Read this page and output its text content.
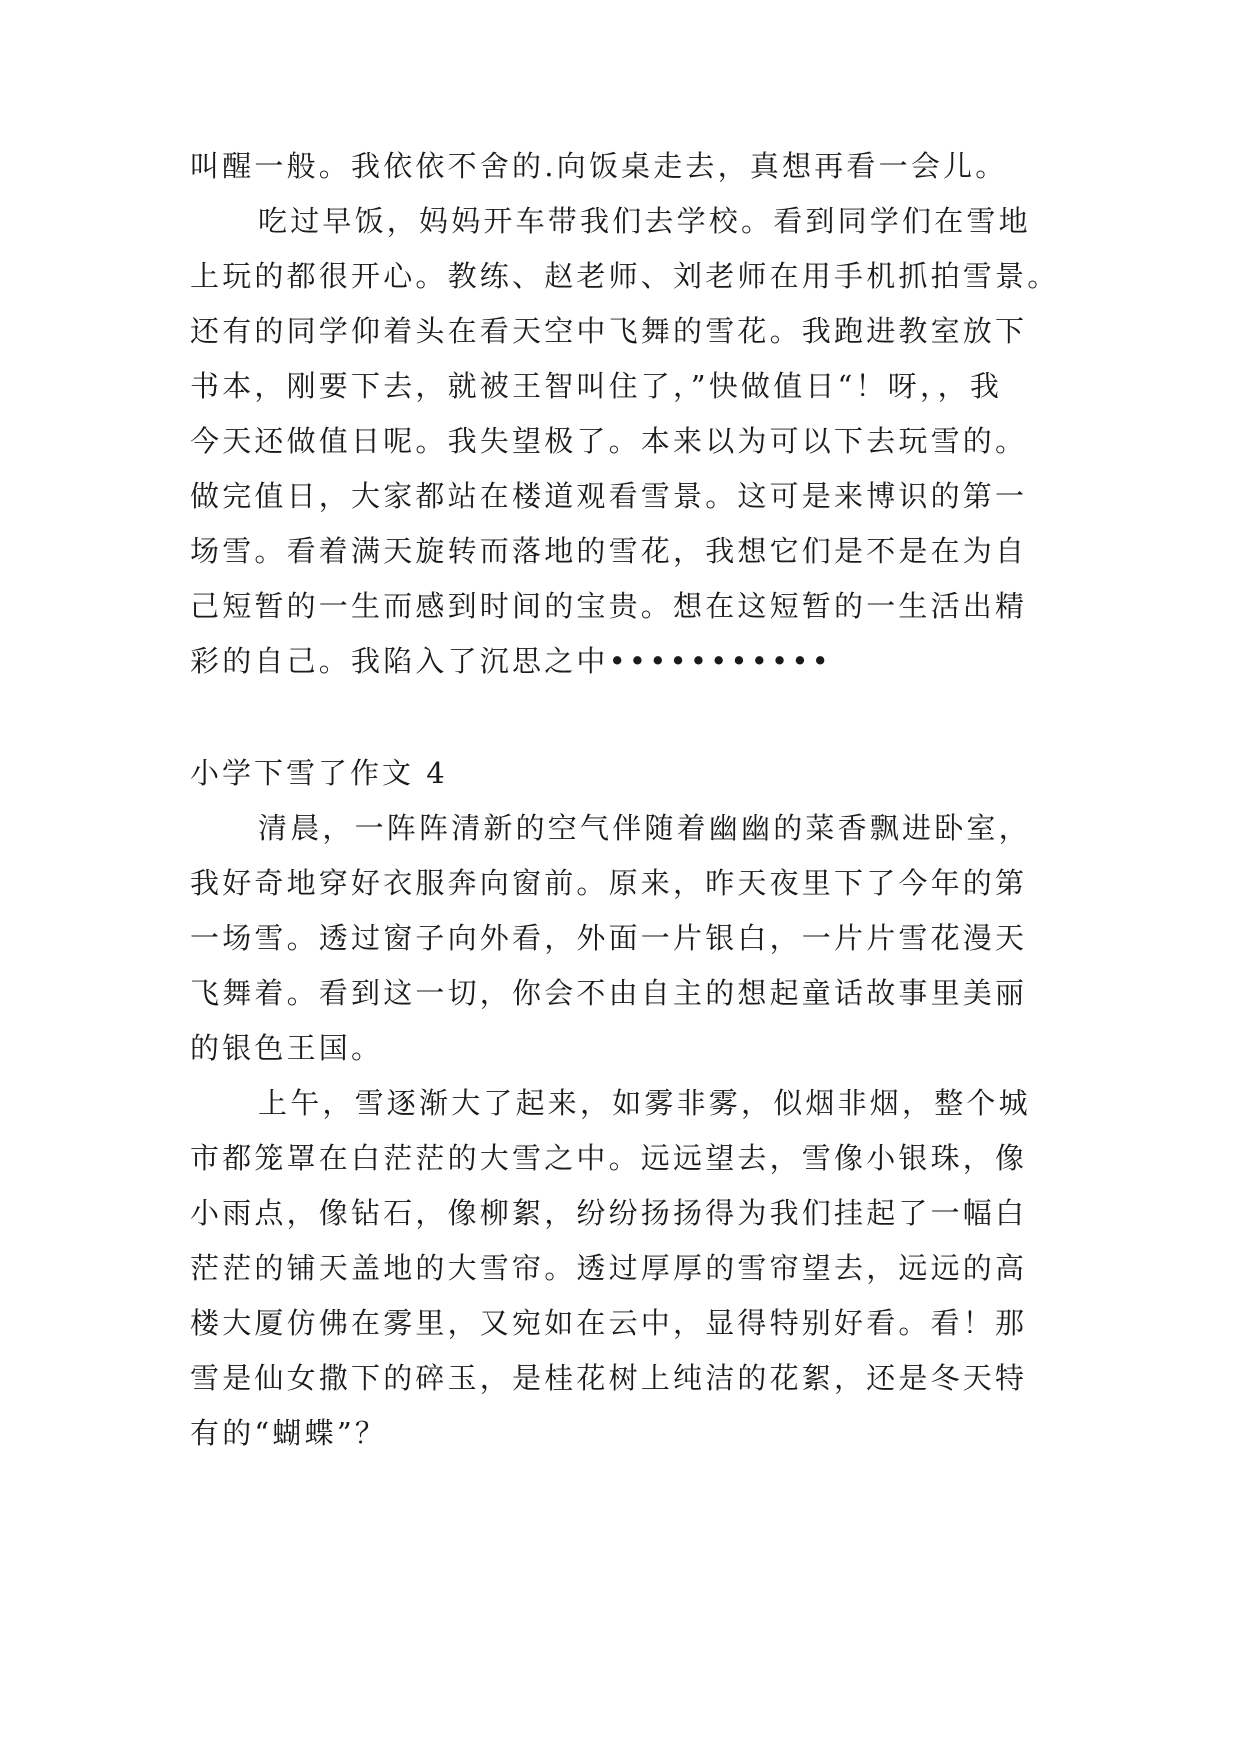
叫醒一般。我依依不舍的.向饭桌走去，真想再看一会儿。
吃过早饭，妈妈开车带我们去学校。看到同学们在雪地
上玩的都很开心。教练、赵老师、刘老师在用手机抓拍雪景。
还有的同学仰着头在看天空中飞舞的雪花。我跑进教室放下
书本，刚要下去，就被王智叫住了，”快做值日“！呀，，我
今天还做值日呢。我失望极了。本来以为可以下去玩雪的。
做完值日，大家都站在楼道观看雪景。这可是来博识的第一
场雪。看着满天旋转而落地的雪花，我想它们是不是在为自
己短暂的一生而感到时间的宝贵。想在这短暂的一生活出精
彩的自己。我陷入了沉思之中•••••••••••
小学下雪了作文 4
清晨，一阵阵清新的空气伴随着幽幽的菜香飘进卧室，
我好奇地穿好衣服奔向窗前。原来，昨天夜里下了今年的第
一场雪。透过窗子向外看，外面一片银白，一片片雪花漫天
飞舞着。看到这一切，你会不由自主的想起童话故事里美丽
的银色王国。
上午，雪逐渐大了起来，如雾非雾，似烟非烟，整个城
市都笼罩在白茫茫的大雪之中。远远望去，雪像小银珠，像
小雨点，像钻石，像柳絮，纷纷扬扬得为我们挂起了一幅白
茫茫的铺天盖地的大雪帘。透过厚厚的雪帘望去，远远的高
楼大厦仿佛在雾里，又宛如在云中，显得特别好看。看！那
雪是仙女撒下的碎玉，是桂花树上纯洁的花絮，还是冬天特
有的“蝴蝶”？
